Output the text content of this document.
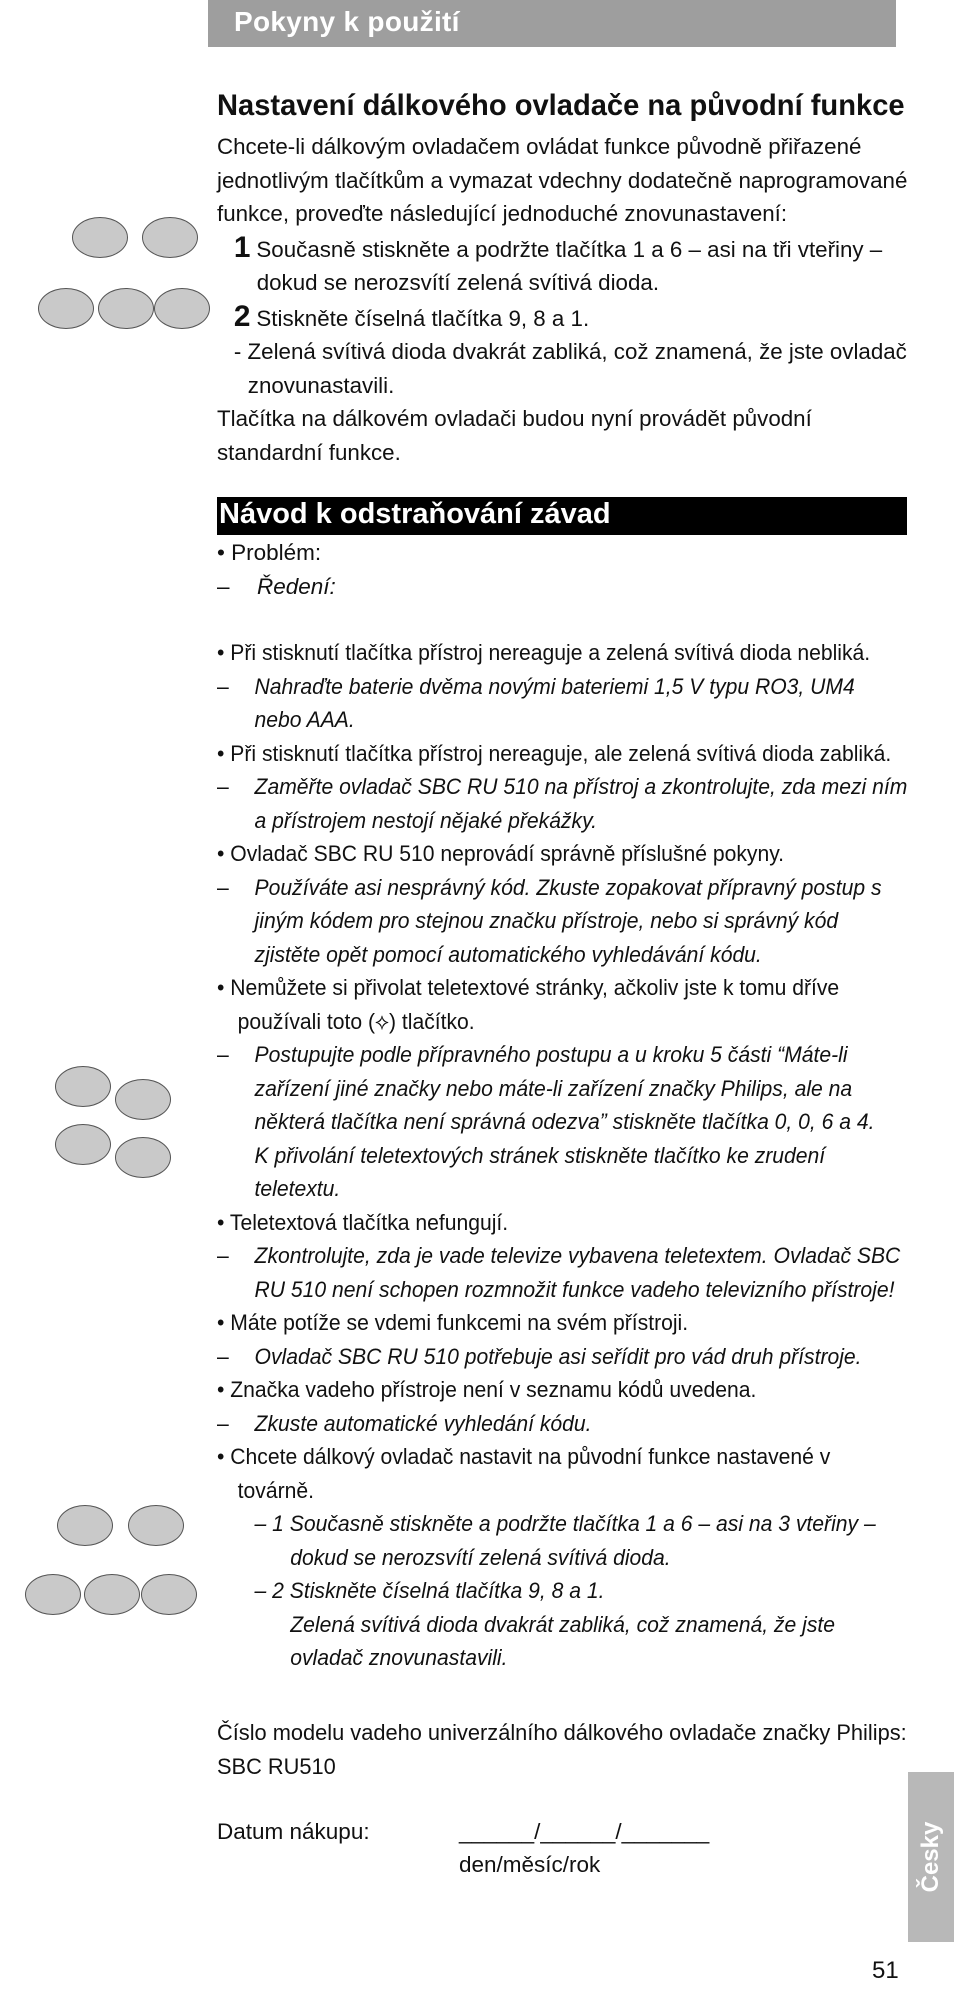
Pokyny k použití
Nastavení dálkového ovladače na původní funkce
Chcete-li dálkovým ovladačem ovládat funkce původně přiřazené
jednotlivým tlačítkům a vymazat vdechny dodatečně naprogramované
funkce, proveďte následující jednoduché znovunastavení:
1 Současně stiskněte a podržte tlačítka 1 a 6 – asi na tři vteřiny –
dokud se nerozsvítí zelená svítivá dioda.
2 Stiskněte číselná tlačítka 9, 8 a 1.
- Zelená svítivá dioda dvakrát zabliká, což znamená, že jste ovladač
znovunastavili.
Tlačítka na dálkovém ovladači budou nyní provádět původní
standardní funkce.
Návod k odstraňování závad
• Problém:
– Ředení:
• Při stisknutí tlačítka přístroj nereaguje a zelená svítivá dioda nebliká.
– Nahraďte baterie dvěma novými bateriemi 1,5 V typu RO3, UM4
nebo AAA.
• Při stisknutí tlačítka přístroj nereaguje, ale zelená svítivá dioda zabliká.
– Zaměřte ovladač SBC RU 510 na přístroj a zkontrolujte, zda mezi ním
a přístrojem nestojí nějaké překážky.
• Ovladač SBC RU 510 neprovádí správně příslušné pokyny.
– Používáte asi nesprávný kód. Zkuste zopakovat přípravný postup s
jiným kódem pro stejnou značku přístroje, nebo si správný kód
zjistěte opět pomocí automatického vyhledávání kódu.
• Nemůžete si přivolat teletextové stránky, ačkoliv jste k tomu dříve
používali toto (⟡) tlačítko.
– Postupujte podle přípravného postupu a u kroku 5 části “Máte-li
zařízení jiné značky nebo máte-li zařízení značky Philips, ale na
některá tlačítka není správná odezva” stiskněte tlačítka 0, 0, 6 a 4.
K přivolání teletextových stránek stiskněte tlačítko ke zrudení
teletextu.
• Teletextová tlačítka nefungují.
– Zkontrolujte, zda je vade televize vybavena teletextem. Ovladač SBC
RU 510 není schopen rozmnožit funkce vadeho televizního přístroje!
• Máte potíže se vdemi funkcemi na svém přístroji.
– Ovladač SBC RU 510 potřebuje asi seřídit pro vád druh přístroje.
• Značka vadeho přístroje není v seznamu kódů uvedena.
– Zkuste automatické vyhledání kódu.
• Chcete dálkový ovladač nastavit na původní funkce nastavené v
továrně.
– 1 Současně stiskněte a podržte tlačítka 1 a 6 – asi na 3 vteřiny –
dokud se nerozsvítí zelená svítivá dioda.
– 2 Stiskněte číselná tlačítka 9, 8 a 1.
Zelená svítivá dioda dvakrát zabliká, což znamená, že jste
ovladač znovunastavili.
Číslo modelu vadeho univerzálního dálkového ovladače značky Philips:
SBC RU510
Datum nákupu:	______/______/_______
den/měsíc/rok	Česky
51
